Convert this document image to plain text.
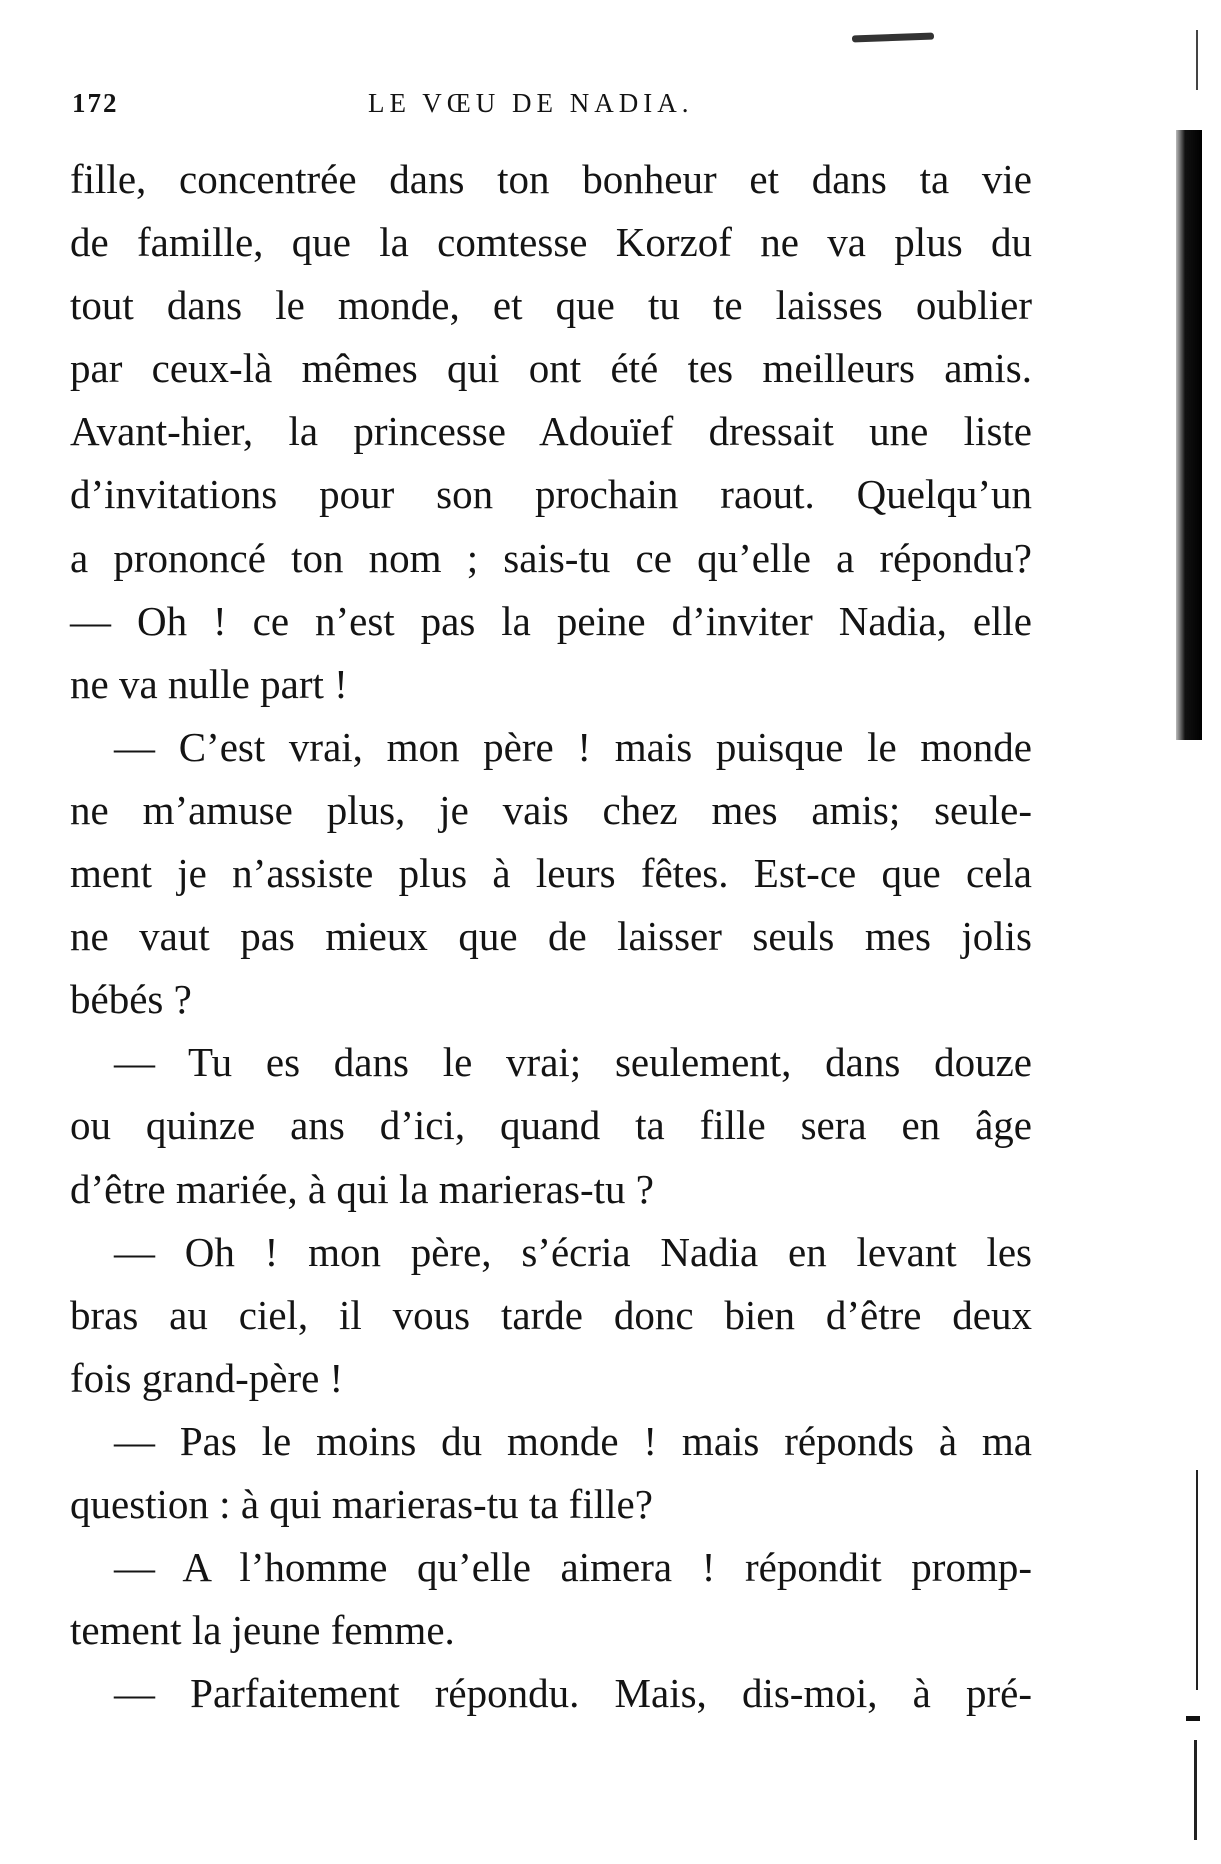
172	LE VŒU DE NADIA.
fille, concentrée dans ton bonheur et dans ta vie
de famille, que la comtesse Korzof ne va plus du
tout dans le monde, et que tu te laisses oublier
par ceux-là mêmes qui ont été tes meilleurs amis.
Avant-hier, la princesse Adouïef dressait une liste
d’invitations pour son prochain raout. Quelqu’un
a prononcé ton nom ; sais-tu ce qu’elle a répondu?
— Oh ! ce n’est pas la peine d’inviter Nadia, elle
ne va nulle part !
— C’est vrai, mon père ! mais puisque le monde
ne m’amuse plus, je vais chez mes amis; seule-
ment je n’assiste plus à leurs fêtes. Est-ce que cela
ne vaut pas mieux que de laisser seuls mes jolis
bébés ?
— Tu es dans le vrai; seulement, dans douze
ou quinze ans d’ici, quand ta fille sera en âge
d’être mariée, à qui la marieras-tu ?
— Oh ! mon père, s’écria Nadia en levant les
bras au ciel, il vous tarde donc bien d’être deux
fois grand-père !
— Pas le moins du monde ! mais réponds à ma
question : à qui marieras-tu ta fille?
— A l’homme qu’elle aimera ! répondit promp-
tement la jeune femme.
— Parfaitement répondu. Mais, dis-moi, à pré-
